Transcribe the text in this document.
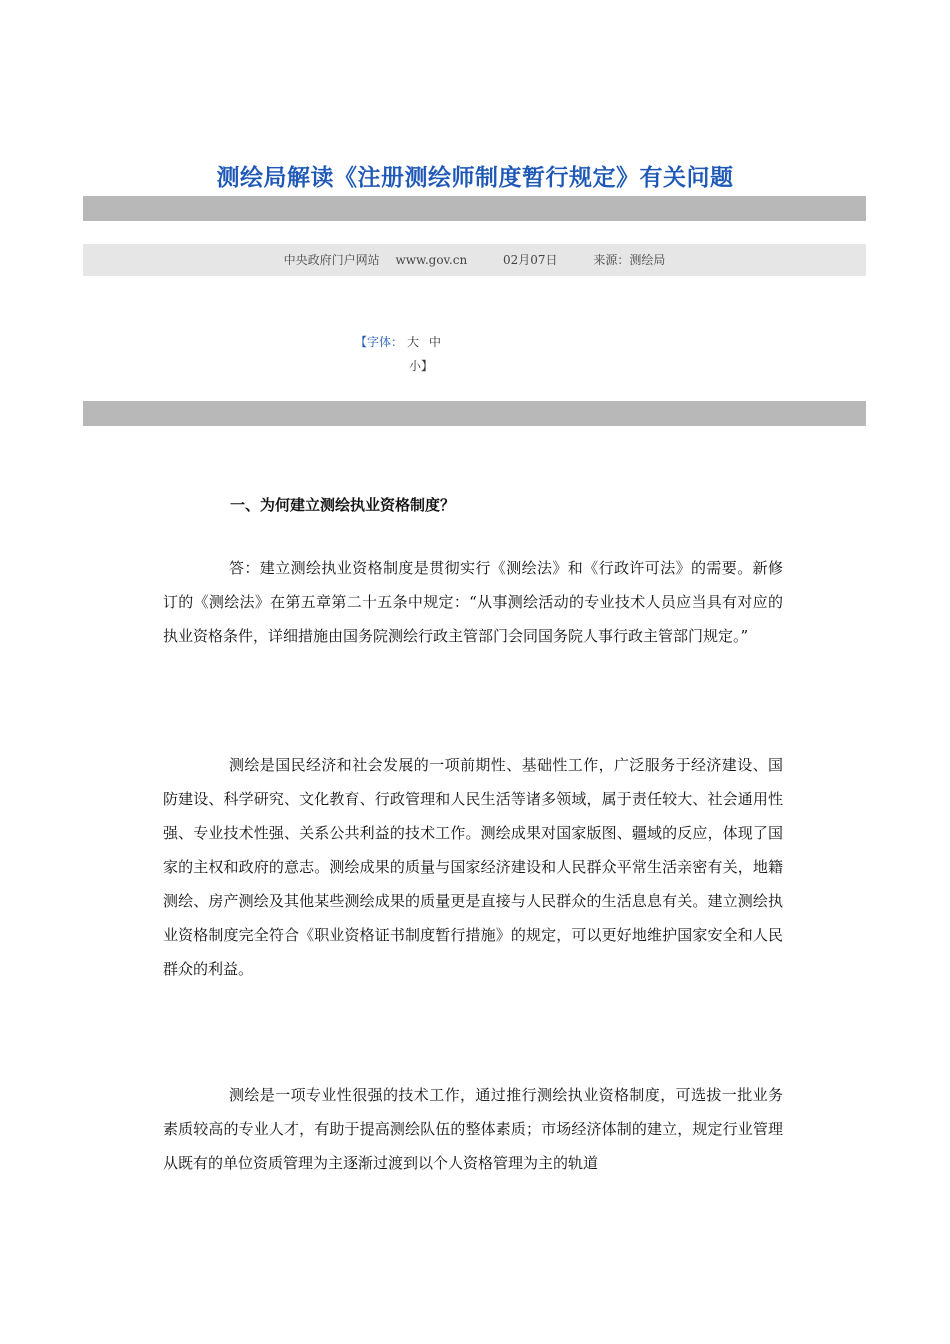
测绘局解读《注册测绘师制度暂行规定》有关问题
中央政府门户网站 www.gov.cn	02月07日	来源：测绘局
【字体： 大 中
小】
一、为何建立测绘执业资格制度？

答：建立测绘执业资格制度是贯彻实行《测绘法》和《行政许可法》的需要。新修订的《测绘法》在第五章第二十五条中规定：“从事测绘活动的专业技术人员应当具有对应的执业资格条件，详细措施由国务院测绘行政主管部门会同国务院人事行政主管部门规定。”

测绘是国民经济和社会发展的一项前期性、基础性工作，广泛服务于经济建设、国防建设、科学研究、文化教育、行政管理和人民生活等诸多领域，属于责任较大、社会通用性强、专业技术性强、关系公共利益的技术工作。测绘成果对国家版图、疆域的反应，体现了国家的主权和政府的意志。测绘成果的质量与国家经济建设和人民群众平常生活亲密有关，地籍测绘、房产测绘及其他某些测绘成果的质量更是直接与人民群众的生活息息有关。建立测绘执业资格制度完全符合《职业资格证书制度暂行措施》的规定，可以更好地维护国家安全和人民群众的利益。

测绘是一项专业性很强的技术工作，通过推行测绘执业资格制度，可选拔一批业务素质较高的专业人才，有助于提高测绘队伍的整体素质；市场经济体制的建立，规定行业管理从既有的单位资质管理为主逐渐过渡到以个人资格管理为主的轨道
